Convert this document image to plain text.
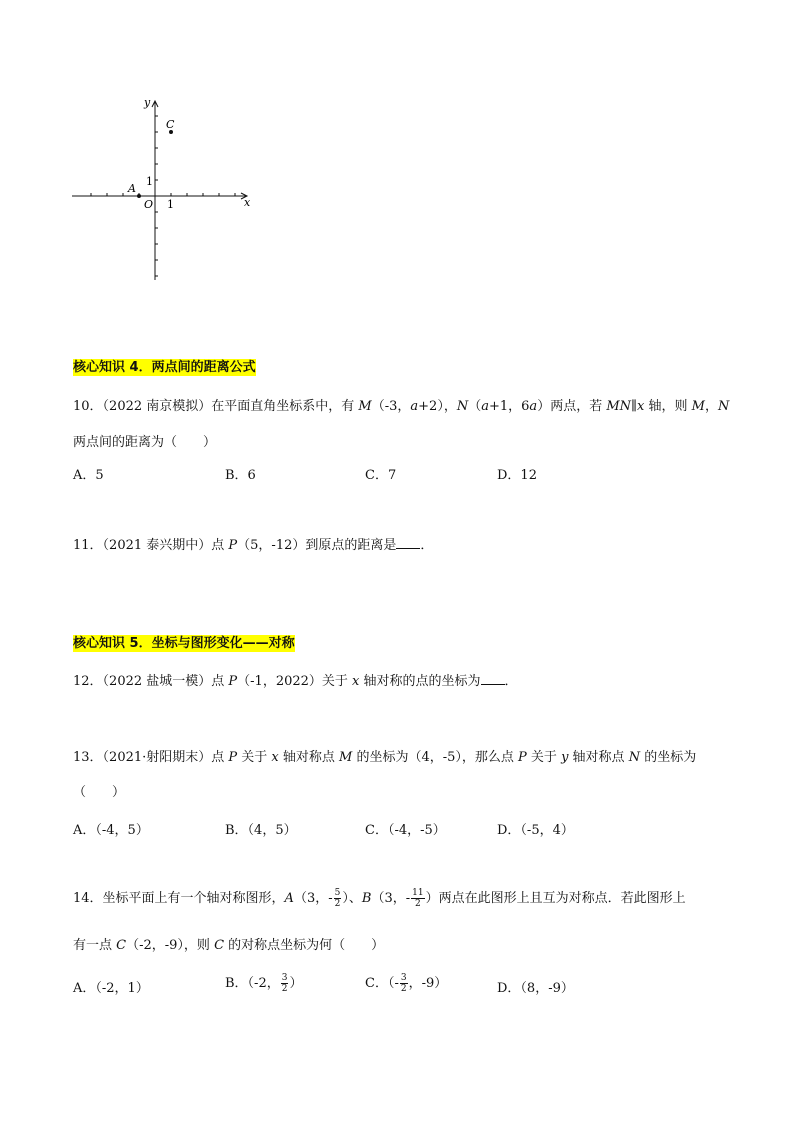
y
x
C
A
O
1
1
核心知识 4．两点间的距离公式
10．（2022 南京模拟）在平面直角坐标系中，有 M（-3，a+2），N（a+1，6a）两点，若 MN∥x 轴，则 M，N
两点间的距离为（　　）
A．5	B．6	C．7	D．12
11．（2021 泰兴期中）点 P（5，-12）到原点的距离是 ．
核心知识 5．坐标与图形变化——对称
12．（2022 盐城一模）点 P（-1，2022）关于 x 轴对称的点的坐标为 ．
13．（2021·射阳期末）点 P 关于 x 轴对称点 M 的坐标为（4，-5），那么点 P 关于 y 轴对称点 N 的坐标为
（　　）
A．（-4，5）	B．（4，5）	C．（-4，-5）	D．（-5，4）
14．坐标平面上有一个轴对称图形，A（3，- $\frac{5}{2}$ ）、B（3，- $\frac{11}{2}$ ）两点在此图形上且互为对称点．若此图形上
有一点 C（-2，-9），则 C 的对称点坐标为何（　　）
A．（-2，1）	B．（-2， $\frac{3}{2}$ ）	C．（- $\frac{3}{2}$ ，-9）	D．（8，-9）
